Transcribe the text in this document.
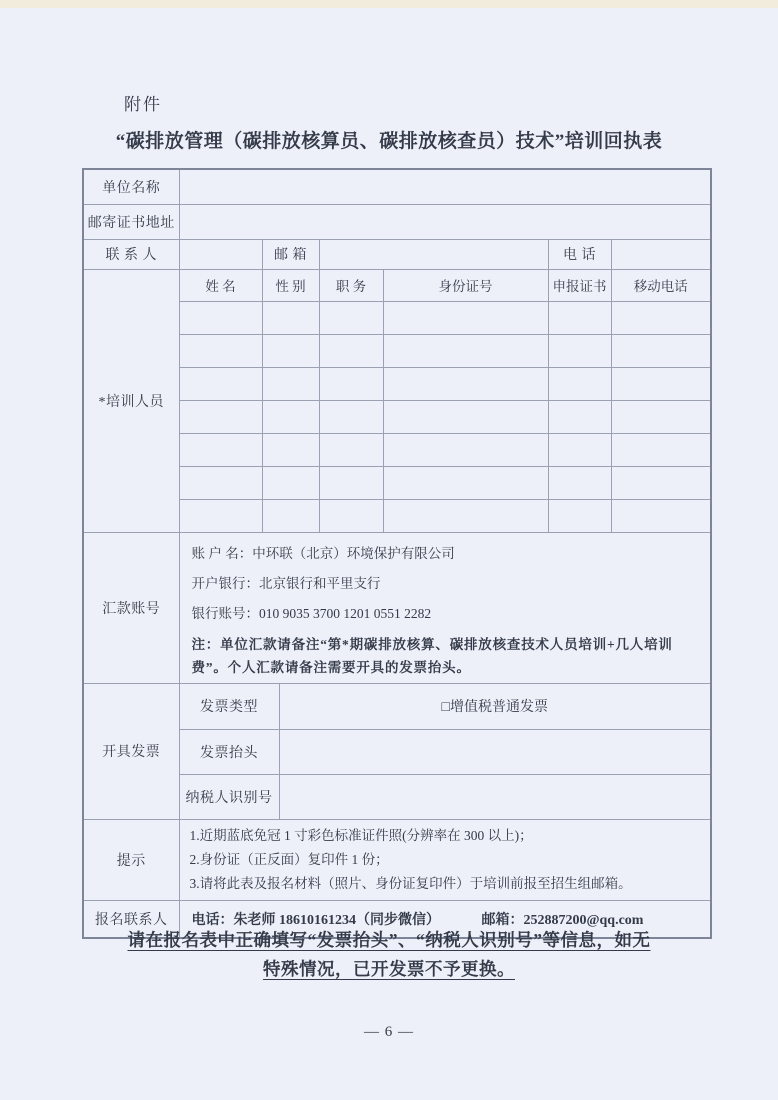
附件
“碳排放管理（碳排放核算员、碳排放核查员）技术”培训回执表
单位名称							
邮寄证书地址							
联 系 人		邮 箱				电 话	
*培训人员	姓 名	性 别		职 务	身份证号	申报证书	移动电话

汇款账号	账 户 名：中环联（北京）环境保护有限公司
开户银行：北京银行和平里支行
银行账号：010 9035 3700 1201 0551 2282
注：单位汇款请备注“第*期碳排放核算、碳排放核查技术人员培训+几人培训费”。个人汇款请备注需要开具的发票抬头。						

开具发票	发票类型		□增值税普通发票				
	发票抬头						
	纳税人识别号						
提示	1.近期蓝底免冠 1 寸彩色标准证件照(分辨率在 300 以上)；
2.身份证（正反面）复印件 1 份；
3.请将此表及报名材料（照片、身份证复印件）于培训前报至招生组邮箱。						

报名联系人	电话：朱老师 18610161234（同步微信） 邮箱：252887200@qq.com						
请在报名表中正确填写“发票抬头”、“纳税人识别号”等信息，如无
特殊情况，已开发票不予更换。
— 6 —
